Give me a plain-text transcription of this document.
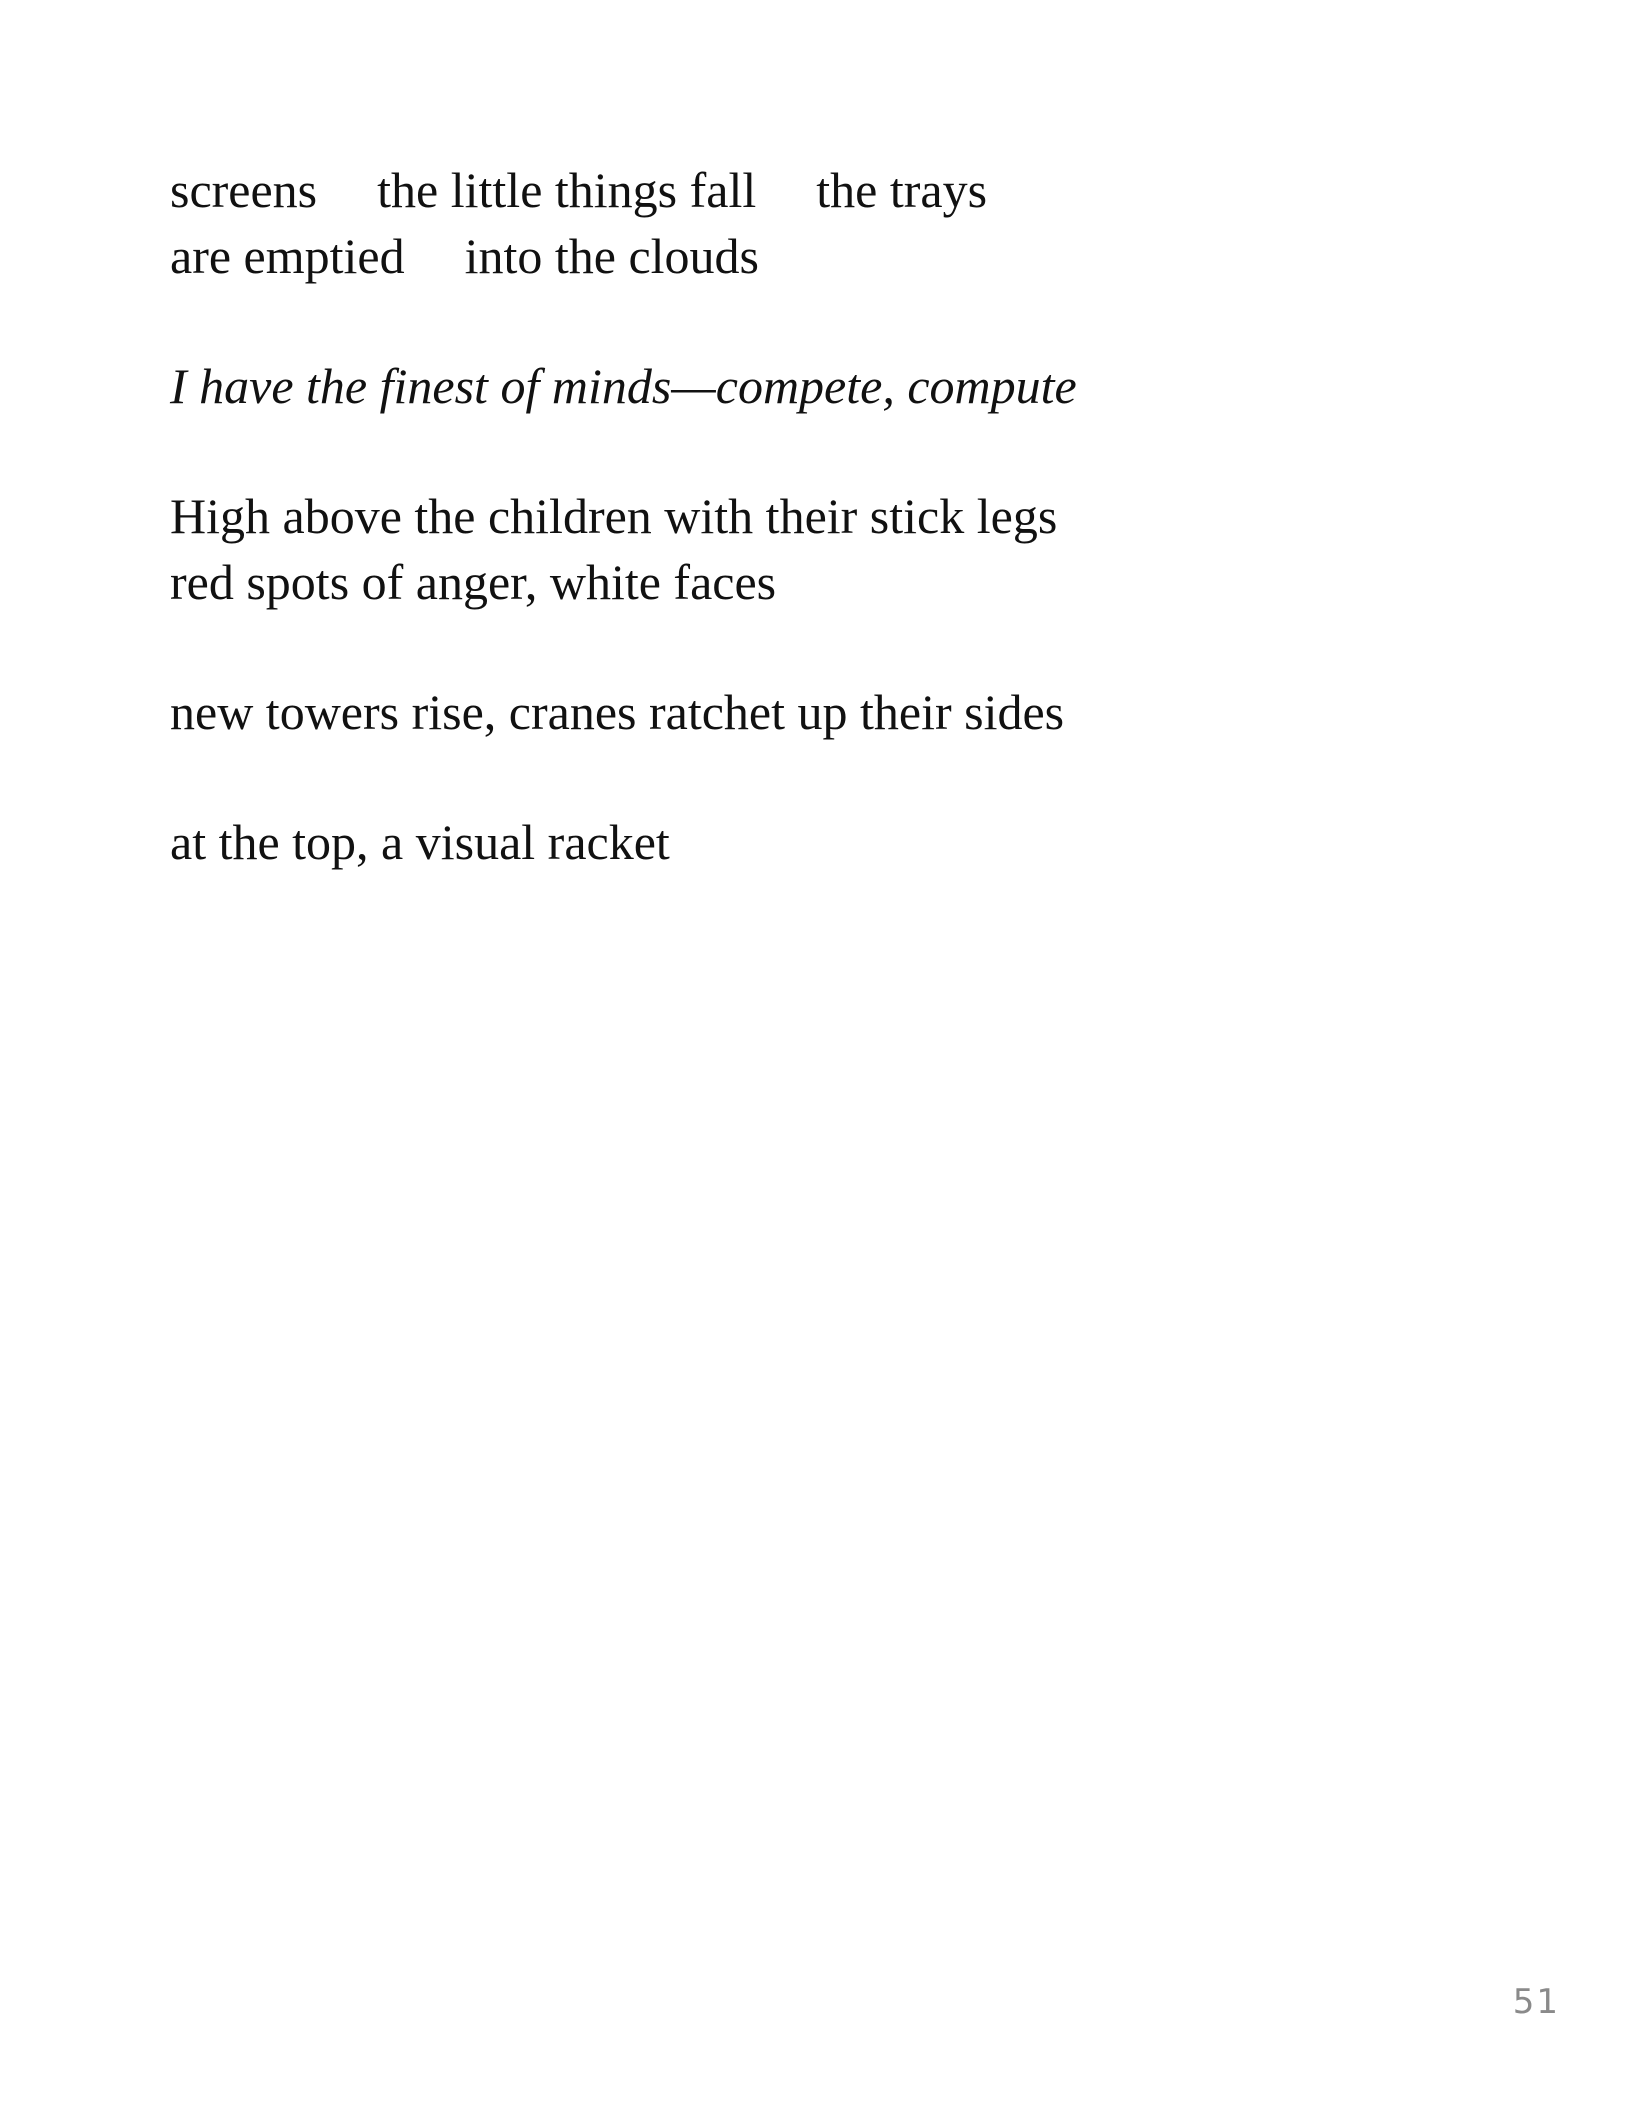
screens the little things fall the trays
are emptied into the clouds
I have the finest of minds—compete, compute
High above the children with their stick legs
red spots of anger, white faces
new towers rise, cranes ratchet up their sides
at the top, a visual racket
51
